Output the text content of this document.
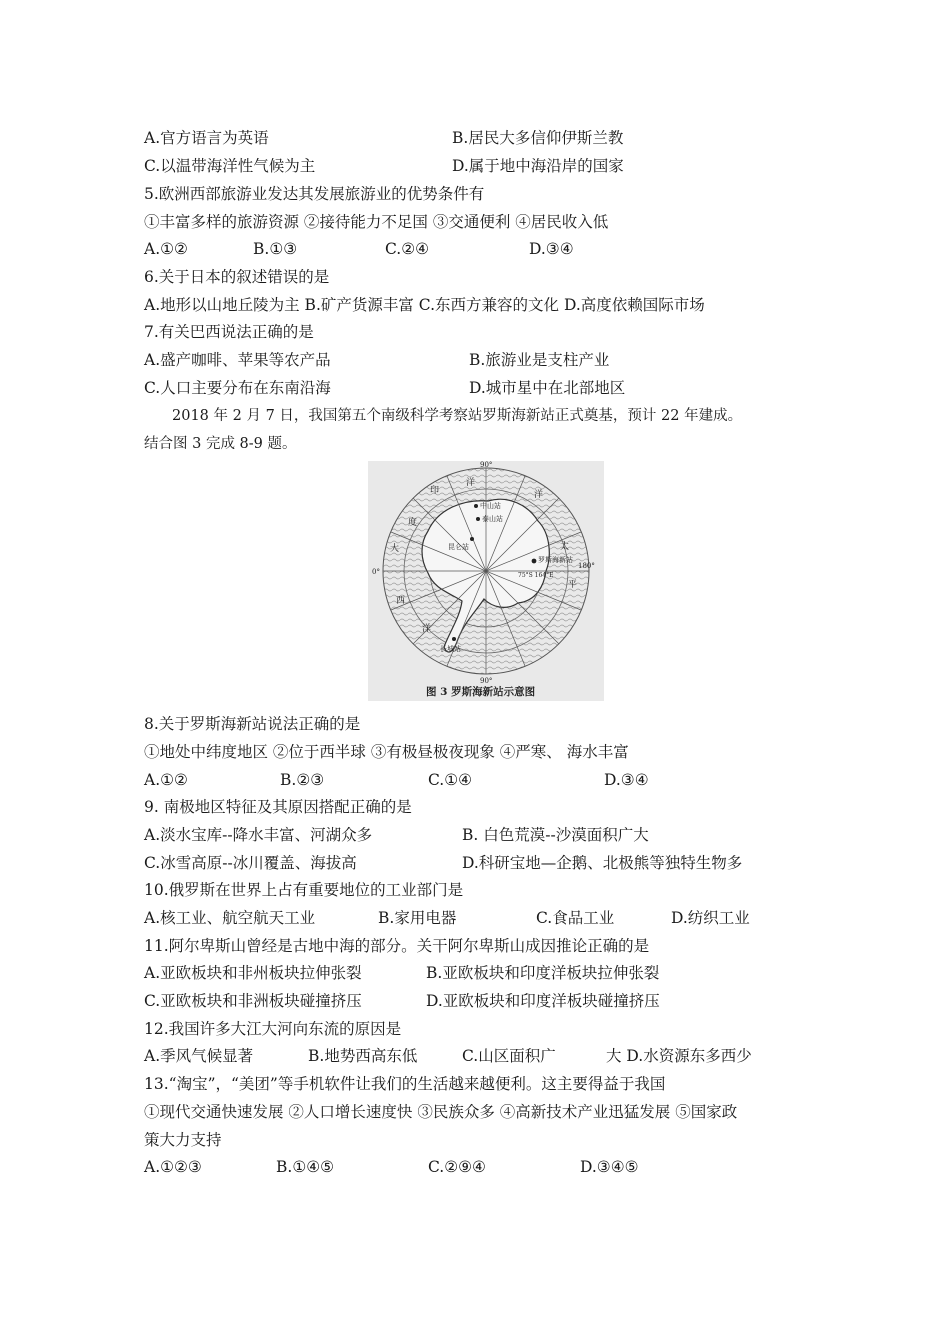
A.官方语言为英语	B.居民大多信仰伊斯兰教
C.以温带海洋性气候为主	D.属于地中海沿岸的国家
5.欧洲西部旅游业发达其发展旅游业的优势条件有
①丰富多样的旅游资源 ②接待能力不足国 ③交通便利 ④居民收入低
A.①②	B.①③	C.②④	D.③④
6.关于日本的叙述错误的是
A.地形以山地丘陵为主 B.矿产货源丰富 C.东西方兼容的文化 D.高度依赖国际市场
7.有关巴西说法正确的是
A.盛产咖啡、苹果等农产品	B.旅游业是支柱产业
C.人口主要分布在东南沿海	D.城市星中在北部地区
2018 年 2 月 7 日，我国第五个南级科学考察站罗斯海新站正式奠基，预计 22 年建成。
结合图 3 完成 8-9 题。
90°
90°
0°
180°
印
度
洋
太
平
洋
大
西
洋
中山站
泰山站
昆仑站
罗斯海新站
75°S 164°E
长城站
图 3 罗斯海新站示意图
8.关于罗斯海新站说法正确的是
①地处中纬度地区 ②位于西半球 ③有极昼极夜现象 ④严寒、 海水丰富
A.①②	B.②③	C.①④	D.③④
9. 南极地区特征及其原因搭配正确的是
A.淡水宝库--降水丰富、河湖众多	B. 白色荒漠--沙漠面积广大
C.冰雪高原--冰川覆盖、海拔高	D.科研宝地—企鹅、北极熊等独特生物多
10.俄罗斯在世界上占有重要地位的工业部门是
A.核工业、航空航天工业	B.家用电器	C.食品工业	D.纺织工业
11.阿尔卑斯山曾经是古地中海的部分。关干阿尔卑斯山成因推论正确的是
A.亚欧板块和非州板块拉伸张裂	B.亚欧板块和印度洋板块拉伸张裂
C.亚欧板块和非洲板块碰撞挤压	D.亚欧板块和印度洋板块碰撞挤压
12.我国许多大江大河向东流的原因是
A.季风气候显著	B.地势西高东低	C.山区面积广	大 D.水资源东多西少
13.“淘宝”，“美团”等手机软件让我们的生活越来越便利。这主要得益于我国
①现代交通快速发展 ②人口增长速度快 ③民族众多 ④高新技术产业迅猛发展 ⑤国家政
策大力支持
A.①②③	B.①④⑤	C.②⑨④	D.③④⑤
